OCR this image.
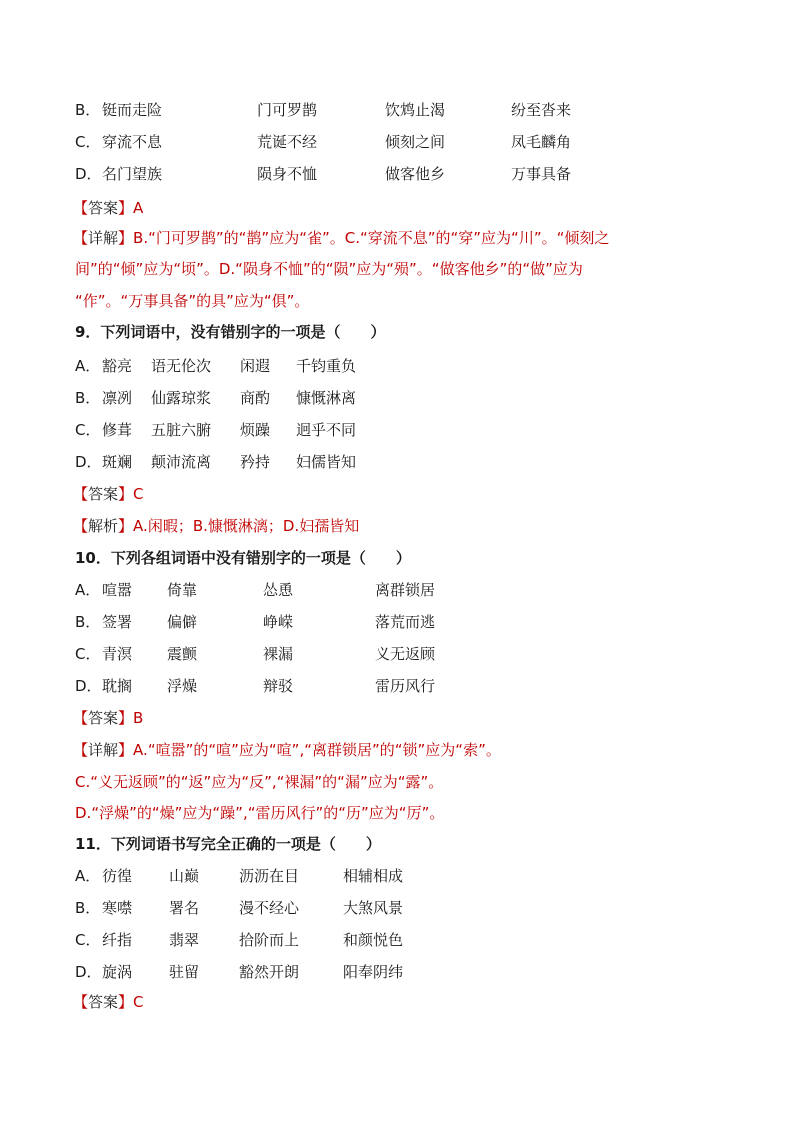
B． 铤而走险	门可罗鹊	饮鸩止渴	纷至沓来
C． 穿流不息	荒诞不经	倾刻之间	凤毛麟角
D． 名门望族	陨身不恤	做客他乡	万事具备
【答案】A
【详解】B.“门可罗鹊”的“鹊”应为“雀”。C.“穿流不息”的“穿”应为“川”。“倾刻之
间”的“倾”应为“顷”。D.“陨身不恤”的“陨”应为“殒”。“做客他乡”的“做”应为
“作”。“万事具备”的具”应为“俱”。
9．下列词语中，没有错别字的一项是（　　）
A． 豁亮 语无伦次 闲遐 千钧重负
B． 凛冽 仙露琼浆 商酌 慷慨淋离
C． 修葺 五脏六腑 烦躁 迥乎不同
D． 斑斓 颠沛流离 矜持 妇儒皆知
【答案】C
【解析】A.闲暇；B.慷慨淋漓；D.妇孺皆知
10．下列各组词语中没有错别字的一项是（　　）
A． 喧嚣 倚靠	怂恿	离群锁居
B． 签署 偏僻	峥嵘	落荒而逃
C． 青溟 震颤	裸漏	义无返顾
D． 耽搁 浮燥	辩驳	雷历风行
【答案】B
【详解】A.“喧嚣”的“喧”应为“喧”,“离群锁居”的“锁”应为“索”。
C.“义无返顾”的“返”应为“反”,“裸漏”的“漏”应为“露”。
D.“浮燥”的“燥”应为“躁”,“雷历风行”的“历”应为“厉”。
11．下列词语书写完全正确的一项是（　　）
A． 彷徨 山巅	沥沥在目	相辅相成
B． 寒噤 署名	漫不经心	大煞风景
C． 纤指 翡翠	拾阶而上	和颜悦色
D． 旋涡 驻留	豁然开朗	阳奉阴纬
【答案】C
